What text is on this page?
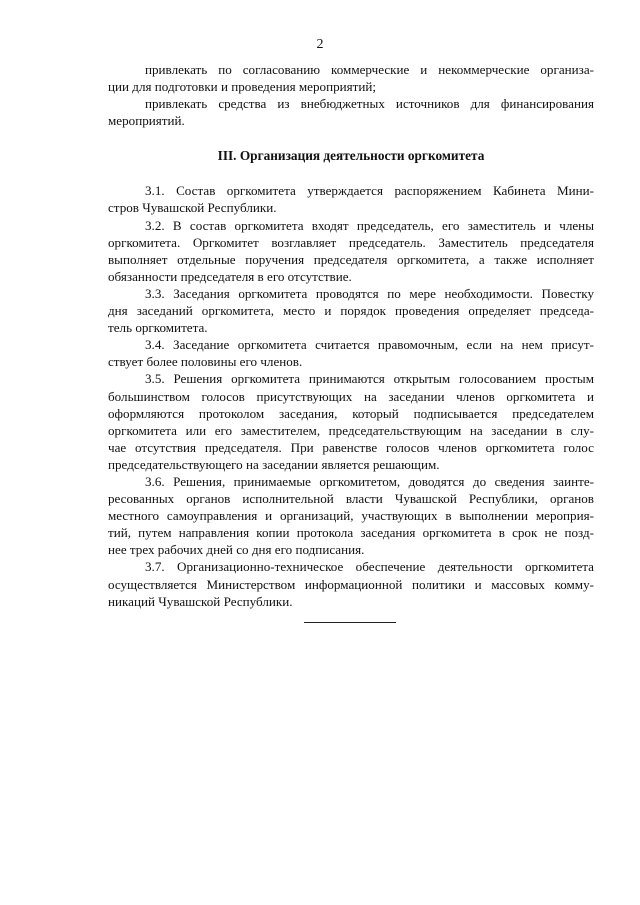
2
привлекать по согласованию коммерческие и некоммерческие организа-
ции для подготовки и проведения мероприятий;
привлекать средства из внебюджетных источников для финансирования
мероприятий.
III. Организация деятельности оргкомитета
3.1. Состав оргкомитета утверждается распоряжением Кабинета Мини-
стров Чувашской Республики.
3.2. В состав оргкомитета входят председатель, его заместитель и члены
оргкомитета. Оргкомитет возглавляет председатель. Заместитель председателя
выполняет отдельные поручения председателя оргкомитета, а также исполняет
обязанности председателя в его отсутствие.
3.3. Заседания оргкомитета проводятся по мере необходимости. Повестку
дня заседаний оргкомитета, место и порядок проведения определяет председа-
тель оргкомитета.
3.4. Заседание оргкомитета считается правомочным, если на нем присут-
ствует более половины его членов.
3.5. Решения оргкомитета принимаются открытым голосованием простым
большинством голосов присутствующих на заседании членов оргкомитета и
оформляются протоколом заседания, который подписывается председателем
оргкомитета или его заместителем, председательствующим на заседании в слу-
чае отсутствия председателя. При равенстве голосов членов оргкомитета голос
председательствующего на заседании является решающим.
3.6. Решения, принимаемые оргкомитетом, доводятся до сведения заинте-
ресованных органов исполнительной власти Чувашской Республики, органов
местного самоуправления и организаций, участвующих в выполнении мероприя-
тий, путем направления копии протокола заседания оргкомитета в срок не позд-
нее трех рабочих дней со дня его подписания.
3.7. Организационно-техническое обеспечение деятельности оргкомитета
осуществляется Министерством информационной политики и массовых комму-
никаций Чувашской Республики.
